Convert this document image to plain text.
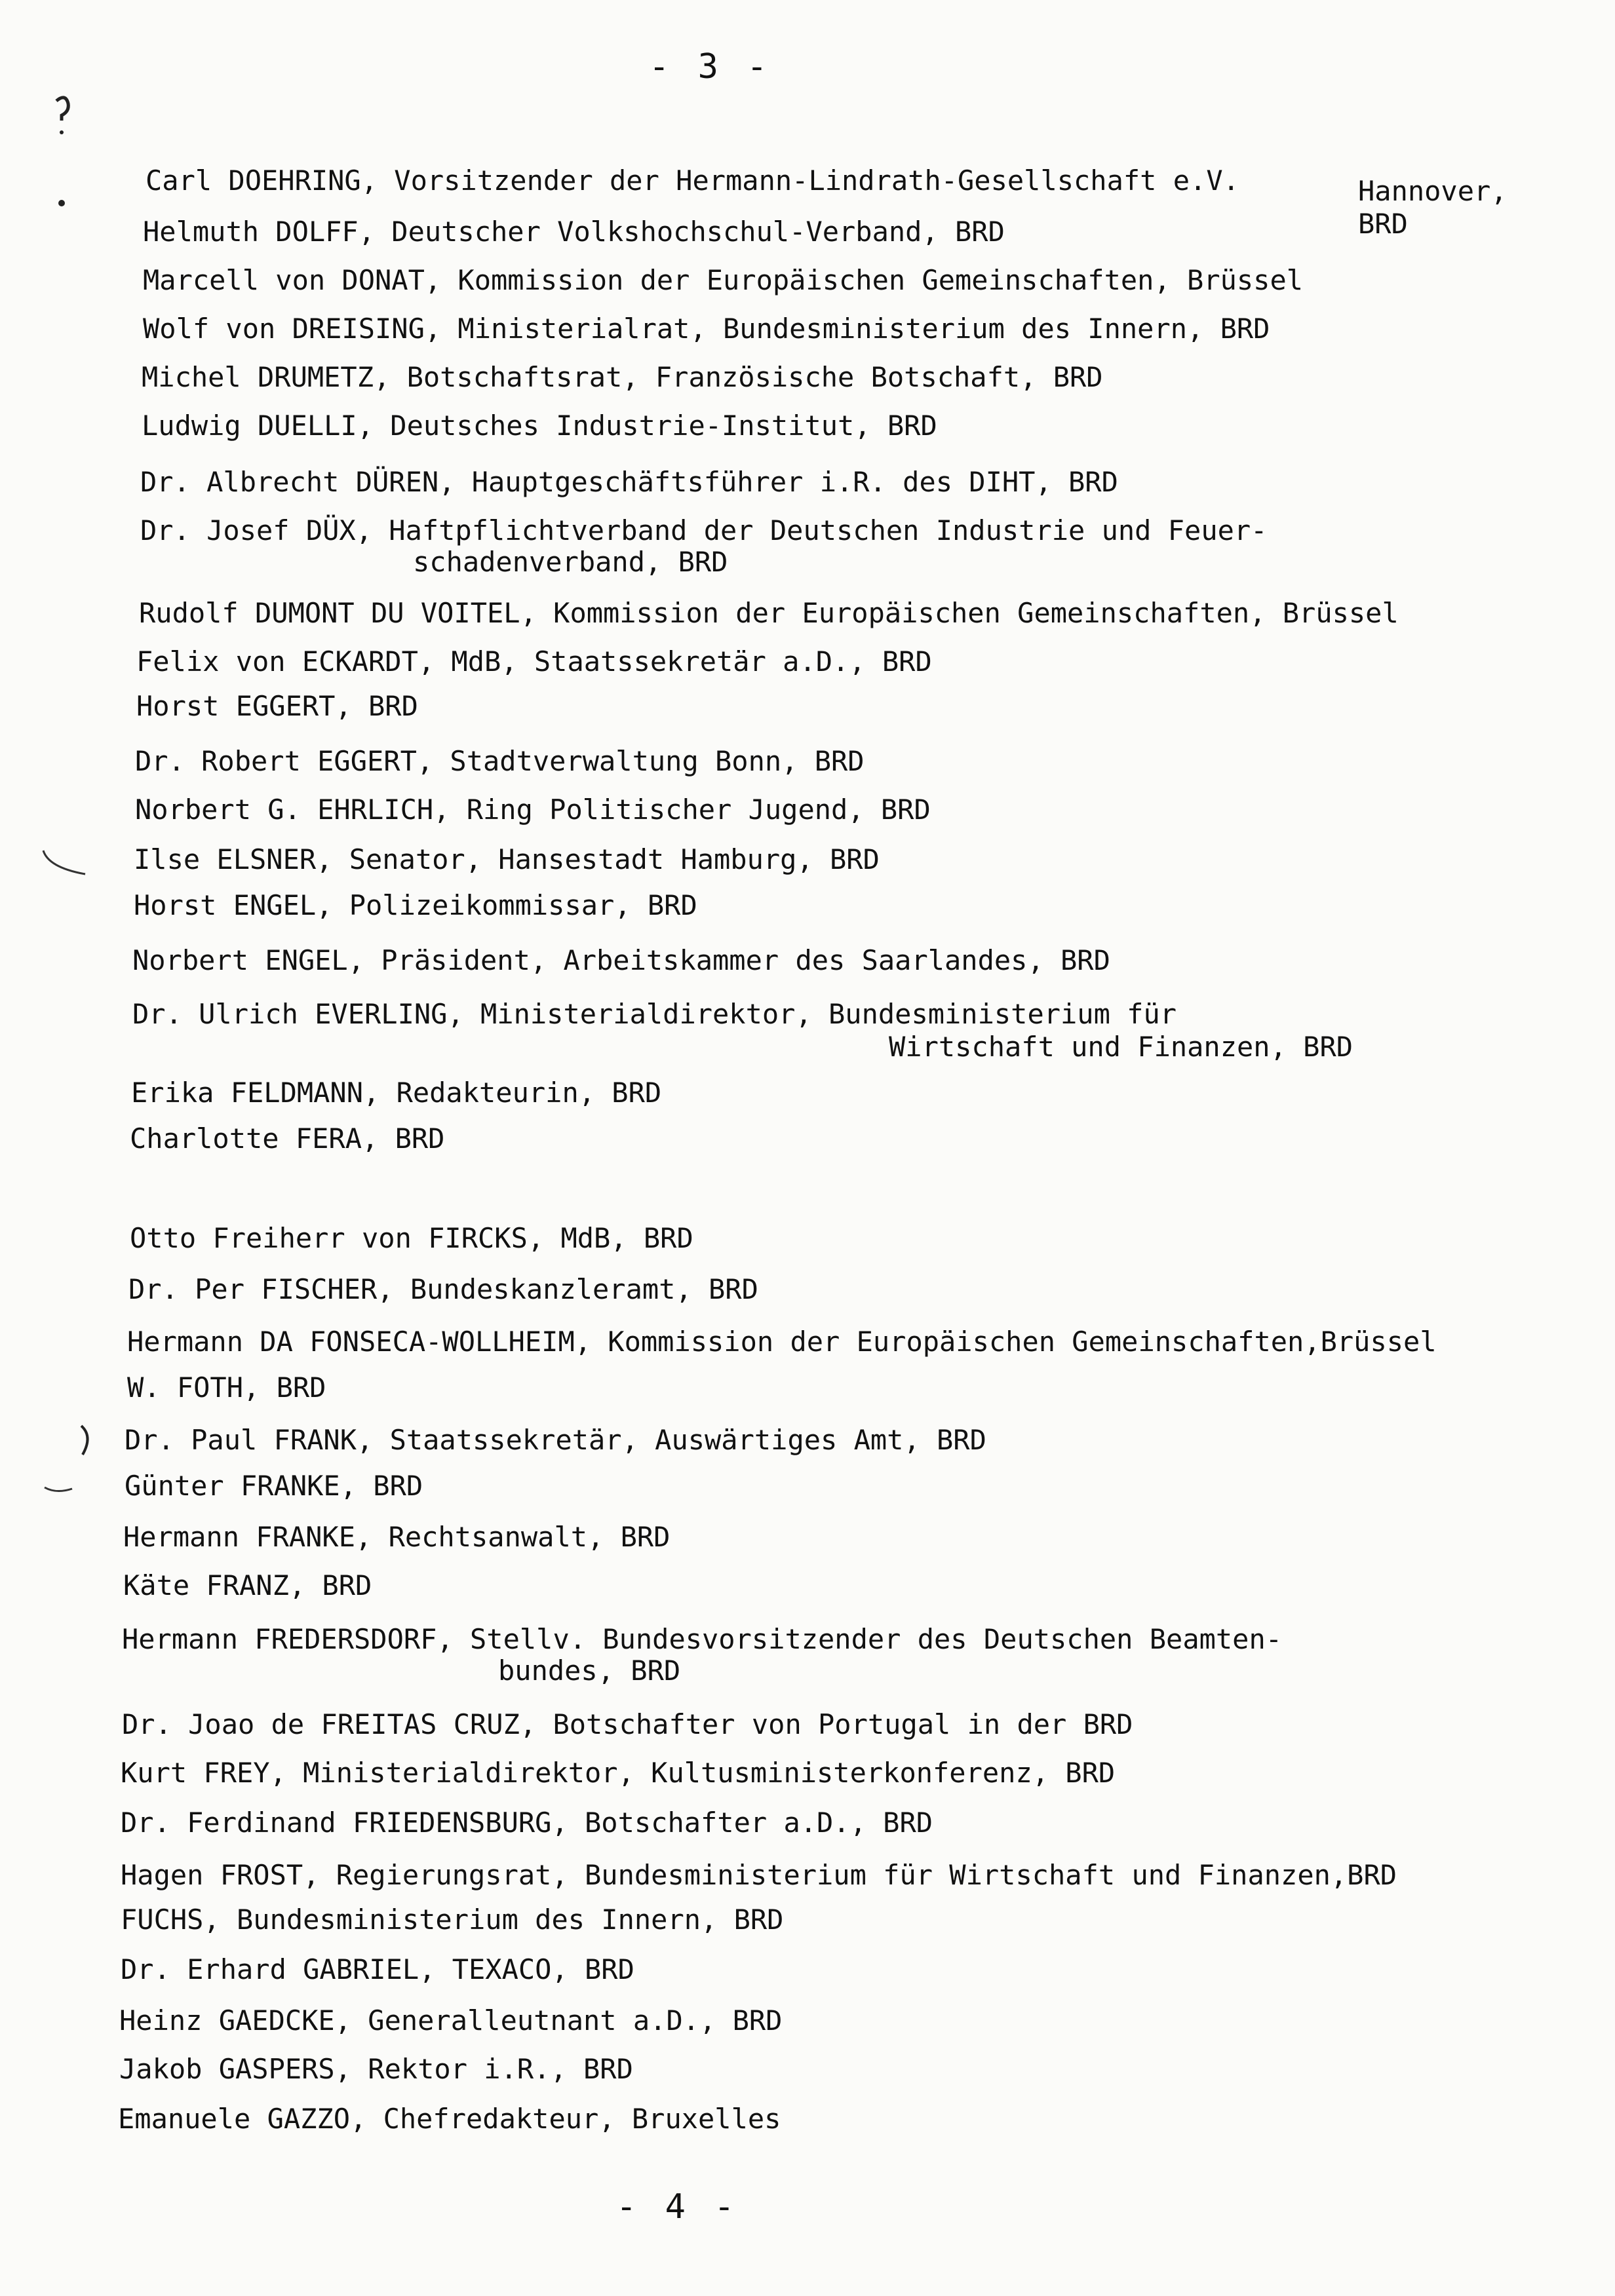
- 3 -
Carl DOEHRING, Vorsitzender der Hermann-Lindrath-Gesellschaft e.V.	Hannover,
BRD
Helmuth DOLFF, Deutscher Volkshochschul-Verband, BRD
Marcell von DONAT, Kommission der Europäischen Gemeinschaften, Brüssel
Wolf von DREISING, Ministerialrat, Bundesministerium des Innern, BRD
Michel DRUMETZ, Botschaftsrat, Französische Botschaft, BRD
Ludwig DUELLI, Deutsches Industrie-Institut, BRD
Dr. Albrecht DÜREN, Hauptgeschäftsführer i.R. des DIHT, BRD
Dr. Josef DÜX, Haftpflichtverband der Deutschen Industrie und Feuer-
schadenverband, BRD
Rudolf DUMONT DU VOITEL, Kommission der Europäischen Gemeinschaften, Brüssel
Felix von ECKARDT, MdB, Staatssekretär a.D., BRD
Horst EGGERT, BRD
Dr. Robert EGGERT, Stadtverwaltung Bonn, BRD
Norbert G. EHRLICH, Ring Politischer Jugend, BRD
Ilse ELSNER, Senator, Hansestadt Hamburg, BRD
Horst ENGEL, Polizeikommissar, BRD
Norbert ENGEL, Präsident, Arbeitskammer des Saarlandes, BRD
Dr. Ulrich EVERLING, Ministerialdirektor, Bundesministerium für
Wirtschaft und Finanzen, BRD
Erika FELDMANN, Redakteurin, BRD
Charlotte FERA, BRD
Otto Freiherr von FIRCKS, MdB, BRD
Dr. Per FISCHER, Bundeskanzleramt, BRD
Hermann DA FONSECA-WOLLHEIM, Kommission der Europäischen Gemeinschaften,Brüssel
W. FOTH, BRD
Dr. Paul FRANK, Staatssekretär, Auswärtiges Amt, BRD
Günter FRANKE, BRD
Hermann FRANKE, Rechtsanwalt, BRD
Käte FRANZ, BRD
Hermann FREDERSDORF, Stellv. Bundesvorsitzender des Deutschen Beamten-
bundes, BRD
Dr. Joao de FREITAS CRUZ, Botschafter von Portugal in der BRD
Kurt FREY, Ministerialdirektor, Kultusministerkonferenz, BRD
Dr. Ferdinand FRIEDENSBURG, Botschafter a.D., BRD
Hagen FROST, Regierungsrat, Bundesministerium für Wirtschaft und Finanzen,BRD
FUCHS, Bundesministerium des Innern, BRD
Dr. Erhard GABRIEL, TEXACO, BRD
Heinz GAEDCKE, Generalleutnant a.D., BRD
Jakob GASPERS, Rektor i.R., BRD
Emanuele GAZZO, Chefredakteur, Bruxelles
- 4 -
